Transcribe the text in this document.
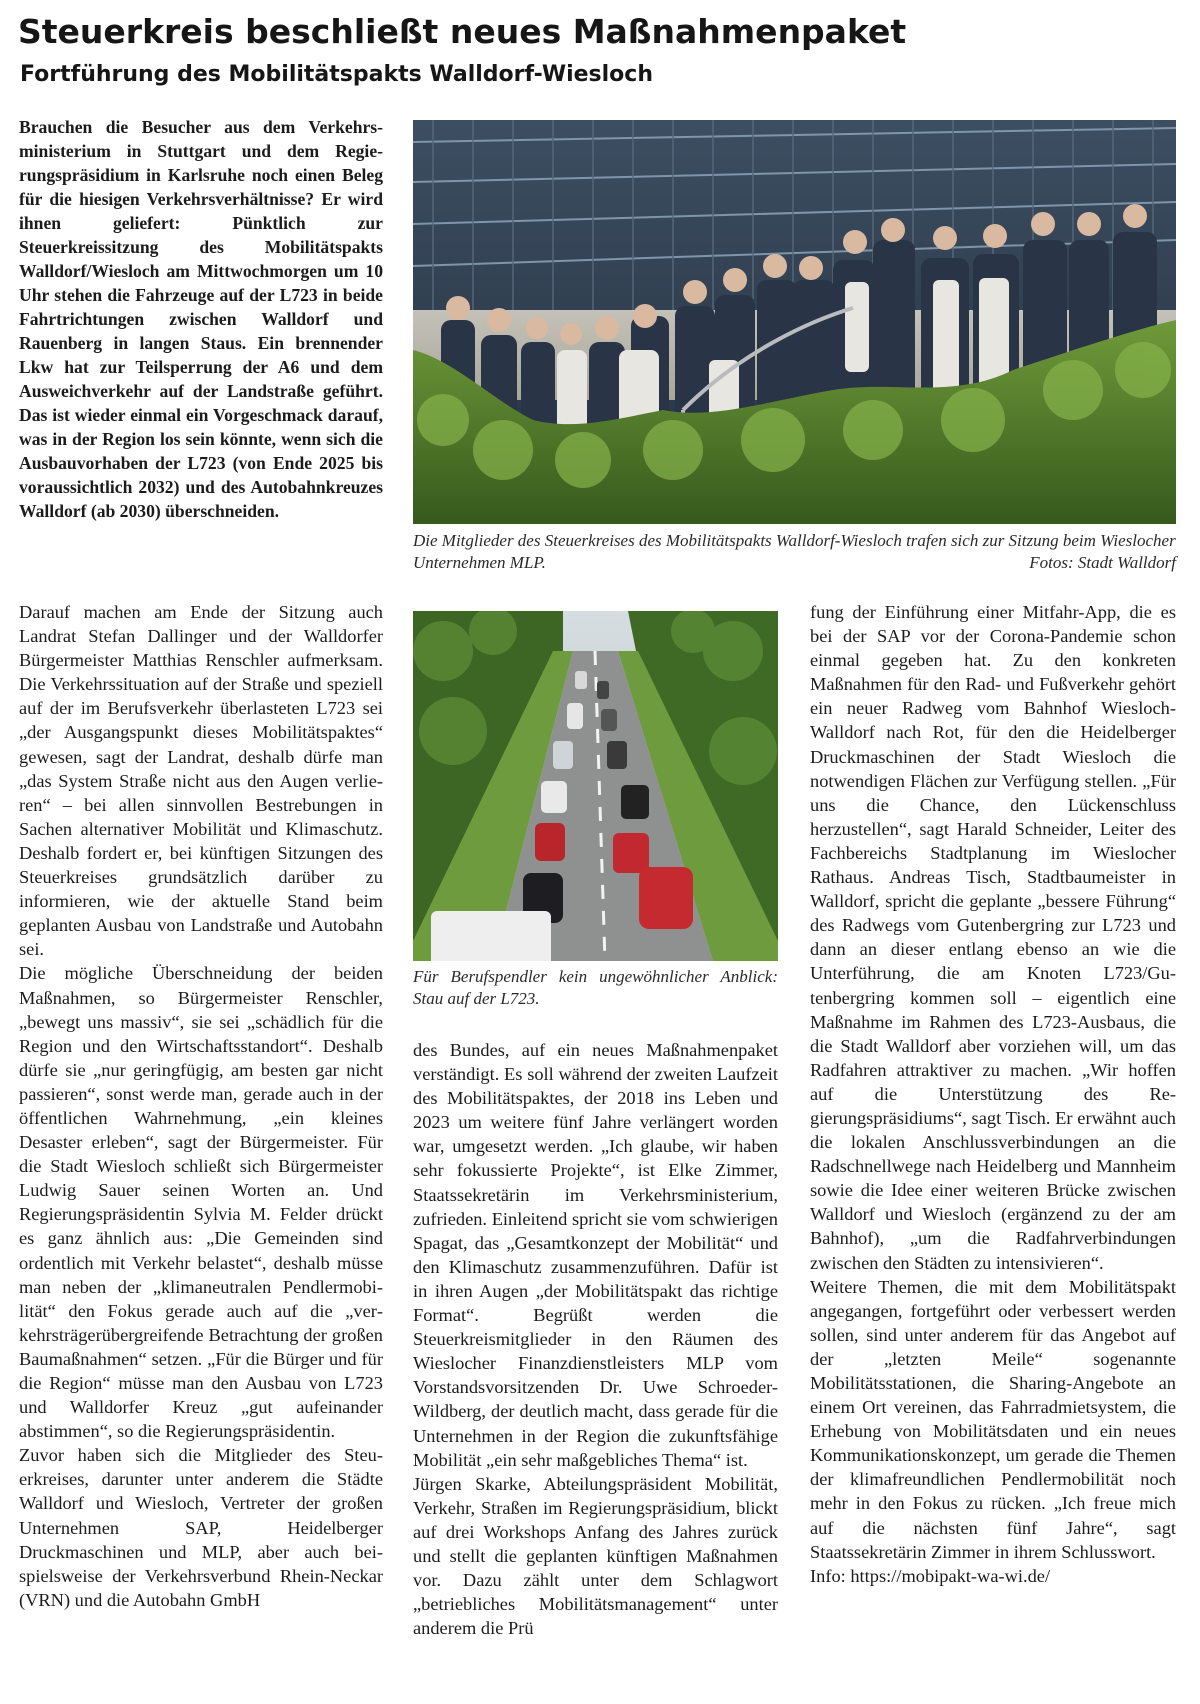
Steuerkreis beschließt neues Maßnahmenpaket
Fortführung des Mobilitätspakts Walldorf-Wiesloch

Brauchen die Besucher aus dem Verkehrsministerium in Stuttgart und dem Regierungspräsidium in Karlsruhe noch einen Beleg für die hiesigen Verkehrsverhältnisse? Er wird ihnen geliefert: Pünktlich zur Steuerkreissitzung des Mobilitätspakts Walldorf/Wiesloch am Mittwochmorgen um 10 Uhr stehen die Fahrzeuge auf der L723 in beide Fahrtrichtungen zwischen Walldorf und Rauenberg in langen Staus. Ein brennender Lkw hat zur Teilsperrung der A6 und dem Ausweichverkehr auf der Landstraße geführt. Das ist wieder einmal ein Vorgeschmack darauf, was in der Region los sein könnte, wenn sich die Ausbauvorhaben der L723 (von Ende 2025 bis voraussichtlich 2032) und des Autobahnkreuzes Walldorf (ab 2030) überschneiden.

Die Mitglieder des Steuerkreises des Mobilitätspakts Walldorf-Wiesloch trafen sich zur Sitzung beim Wieslocher Unternehmen MLP.	Fotos: Stadt Walldorf
Für Berufspendler kein ungewöhnlicher Anblick: Stau auf der L723.

Darauf machen am Ende der Sitzung auch Landrat Stefan Dallinger und der Walldorfer Bürgermeister Matthias Renschler aufmerksam. Die Verkehrssituation auf der Straße und speziell auf der im Berufsverkehr überlasteten L723 sei „der Ausgangspunkt dieses Mobilitätspaktes“ gewesen, sagt der Landrat, deshalb dürfe man „das System Straße nicht aus den Augen verlieren“ – bei allen sinnvollen Bestrebungen in Sachen alternativer Mobilität und Klimaschutz. Deshalb fordert er, bei künftigen Sitzungen des Steuerkreises grundsätzlich darüber zu informieren, wie der aktuelle Stand beim geplanten Ausbau von Landstraße und Autobahn sei.

Die mögliche Überschneidung der beiden Maßnahmen, so Bürgermeister Renschler, „bewegt uns massiv“, sie sei „schädlich für die Region und den Wirtschaftsstandort“. Deshalb dürfe sie „nur geringfügig, am besten gar nicht passieren“, sonst werde man, gerade auch in der öffentlichen Wahrnehmung, „ein kleines Desaster erleben“, sagt der Bürgermeister. Für die Stadt Wiesloch schließt sich Bürgermeister Ludwig Sauer seinen Worten an. Und Regierungspräsidentin Sylvia M. Felder drückt es ganz ähnlich aus: „Die Gemeinden sind ordentlich mit Verkehr belastet“, deshalb müsse man neben der „klimaneutralen Pendlermobilität“ den Fokus gerade auch auf die „verkehrsträgerübergreifende Betrachtung der großen Baumaßnahmen“ setzen. „Für die Bürger und für die Region“ müsse man den Ausbau von L723 und Walldorfer Kreuz „gut aufeinander abstimmen“, so die Regierungspräsidentin.

Zuvor haben sich die Mitglieder des Steuerkreises, darunter unter anderem die Städte Walldorf und Wiesloch, Vertreter der großen Unternehmen SAP, Heidelberger Druckmaschinen und MLP, aber auch beispielsweise der Verkehrsverbund Rhein-Neckar (VRN) und die Autobahn GmbH

des Bundes, auf ein neues Maßnahmenpaket verständigt. Es soll während der zweiten Laufzeit des Mobilitätspaktes, der 2018 ins Leben und 2023 um weitere fünf Jahre verlängert worden war, umgesetzt werden. „Ich glaube, wir haben sehr fokussierte Projekte“, ist Elke Zimmer, Staatssekretärin im Verkehrsministerium, zufrieden. Einleitend spricht sie vom schwierigen Spagat, das „Gesamtkonzept der Mobilität“ und den Klimaschutz zusammenzuführen. Dafür ist in ihren Augen „der Mobilitätspakt das richtige Format“. Begrüßt werden die Steuerkreismitglieder in den Räumen des Wieslocher Finanzdienstleisters MLP vom Vorstandsvorsitzenden Dr. Uwe Schroeder-Wildberg, der deutlich macht, dass gerade für die Unternehmen in der Region die zukunftsfähige Mobilität „ein sehr maßgebliches Thema“ ist.

Jürgen Skarke, Abteilungspräsident Mobilität, Verkehr, Straßen im Regierungspräsidium, blickt auf drei Workshops Anfang des Jahres zurück und stellt die geplanten künftigen Maßnahmen vor. Dazu zählt unter dem Schlagwort „betriebliches Mobilitätsmanagement“ unter anderem die Prü

fung der Einführung einer Mitfahr-App, die es bei der SAP vor der Corona-Pandemie schon einmal gegeben hat. Zu den konkreten Maßnahmen für den Rad- und Fußverkehr gehört ein neuer Radweg vom Bahnhof Wiesloch-Walldorf nach Rot, für den die Heidelberger Druckmaschinen der Stadt Wiesloch die notwendigen Flächen zur Verfügung stellen. „Für uns die Chance, den Lückenschluss herzustellen“, sagt Harald Schneider, Leiter des Fachbereichs Stadtplanung im Wieslocher Rathaus. Andreas Tisch, Stadtbaumeister in Walldorf, spricht die geplante „bessere Führung“ des Radwegs vom Gutenbergring zur L723 und dann an dieser entlang ebenso an wie die Unterführung, die am Knoten L723/Gutenbergring kommen soll – eigentlich eine Maßnahme im Rahmen des L723-Ausbaus, die die Stadt Walldorf aber vorziehen will, um das Radfahren attraktiver zu machen. „Wir hoffen auf die Unterstützung des Regierungspräsidiums“, sagt Tisch. Er erwähnt auch die lokalen Anschlussverbindungen an die Radschnellwege nach Heidelberg und Mannheim sowie die Idee einer weiteren Brücke zwischen Walldorf und Wiesloch (ergänzend zu der am Bahnhof), „um die Radfahrverbindungen zwischen den Städten zu intensivieren“.

Weitere Themen, die mit dem Mobilitätspakt angegangen, fortgeführt oder verbessert werden sollen, sind unter anderem für das Angebot auf der „letzten Meile“ sogenannte Mobilitätsstationen, die Sharing-Angebote an einem Ort vereinen, das Fahrradmietsystem, die Erhebung von Mobilitätsdaten und ein neues Kommunikationskonzept, um gerade die Themen der klimafreundlichen Pendlermobilität noch mehr in den Fokus zu rücken. „Ich freue mich auf die nächsten fünf Jahre“, sagt Staatssekretärin Zimmer in ihrem Schlusswort.

Info: https://mobipakt-wa-wi.de/
